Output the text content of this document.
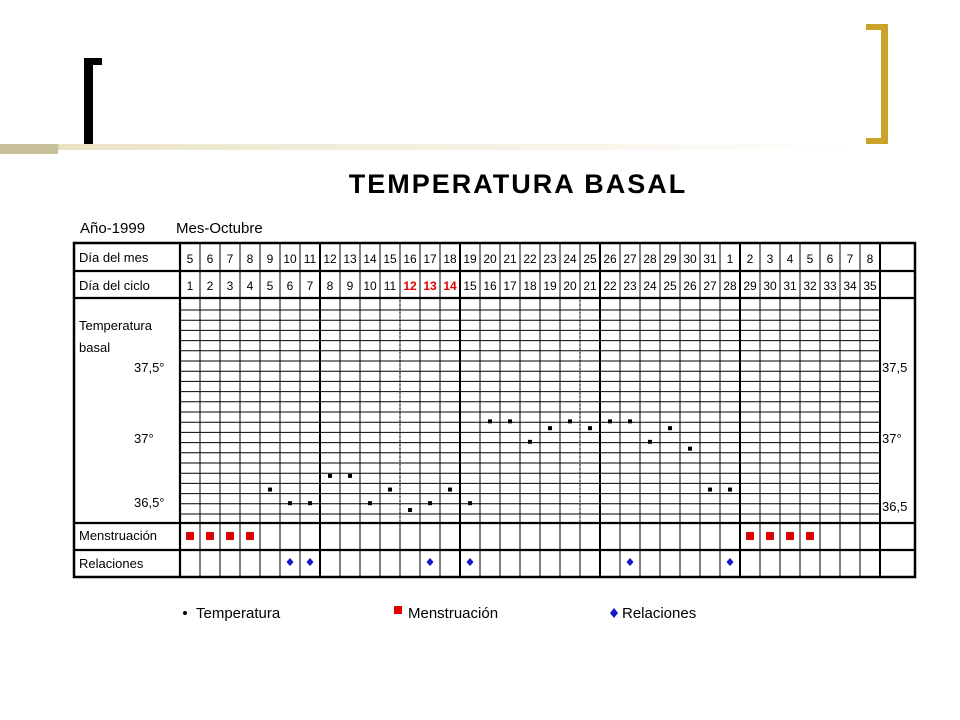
TEMPERATURA BASAL
Año-1999 Mes-Octubre
Día del mes
Día del ciclo
Temperatura
basal
Menstruación
Relaciones
37,5°
37°
36,5°
37,5
37°
36,5
5 6 7 8 9 10 11 12 13 14 15 16 17 18 19 20 21 22 23 24 25 26 27 28 29 30 31 1 2 3 4 5 6 7 8
1 2 3 4 5 6 7 8 9 10 11 12 13 14 15 16 17 18 19 20 21 22 23 24 25 26 27 28 29 30 31 32 33 34 35
Temperatura	Menstruación	Relaciones
